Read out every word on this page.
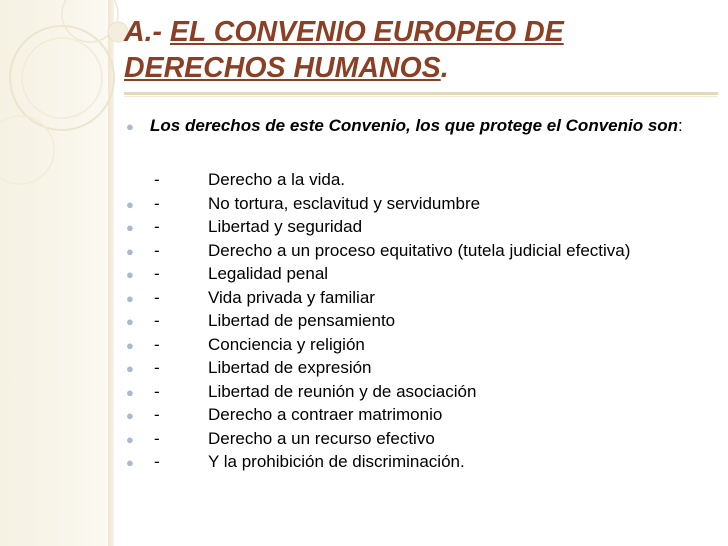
A.- EL CONVENIO EUROPEO DE
DERECHOS HUMANOS.
● Los derechos de este Convenio, los que protege el Convenio son:
-	Derecho a la vida.
● -	No tortura, esclavitud y servidumbre
● -	Libertad y seguridad
● -	Derecho a un proceso equitativo (tutela judicial efectiva)
● -	Legalidad penal
● -	Vida privada y familiar
● -	Libertad de pensamiento
● -	Conciencia y religión
● -	Libertad de expresión
● -	Libertad de reunión y de asociación
● -	Derecho a contraer matrimonio
● -	Derecho a un recurso efectivo
● -	Y la prohibición de discriminación.
